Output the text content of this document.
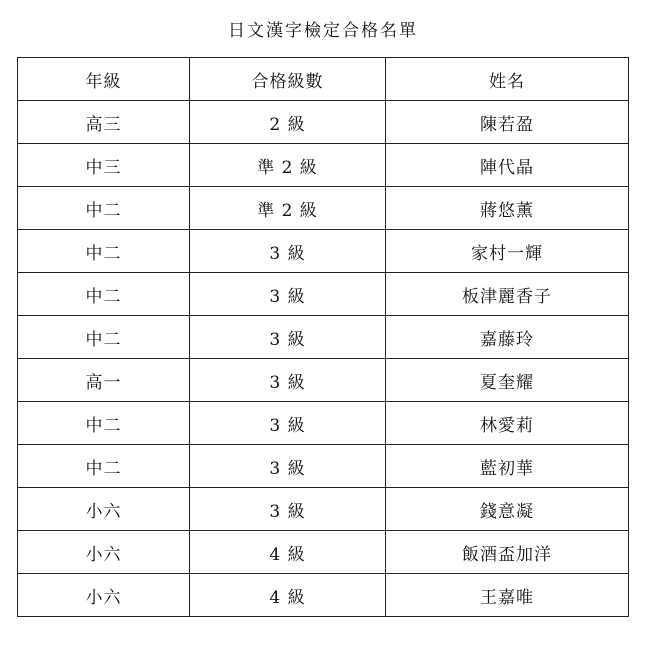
日文漢字檢定合格名單
年級	合格級數	姓名
高三	2 級	陳若盈
中三	準 2 級	陣代晶
中二	準 2 級	蔣悠薰
中二	3 級	家村一輝
中二	3 級	板津麗香子
中二	3 級	嘉藤玲
高一	3 級	夏奎耀
中二	3 級	林愛莉
中二	3 級	藍初華
小六	3 級	錢意凝
小六	4 級	飯酒盃加洋
小六	4 級	王嘉唯
